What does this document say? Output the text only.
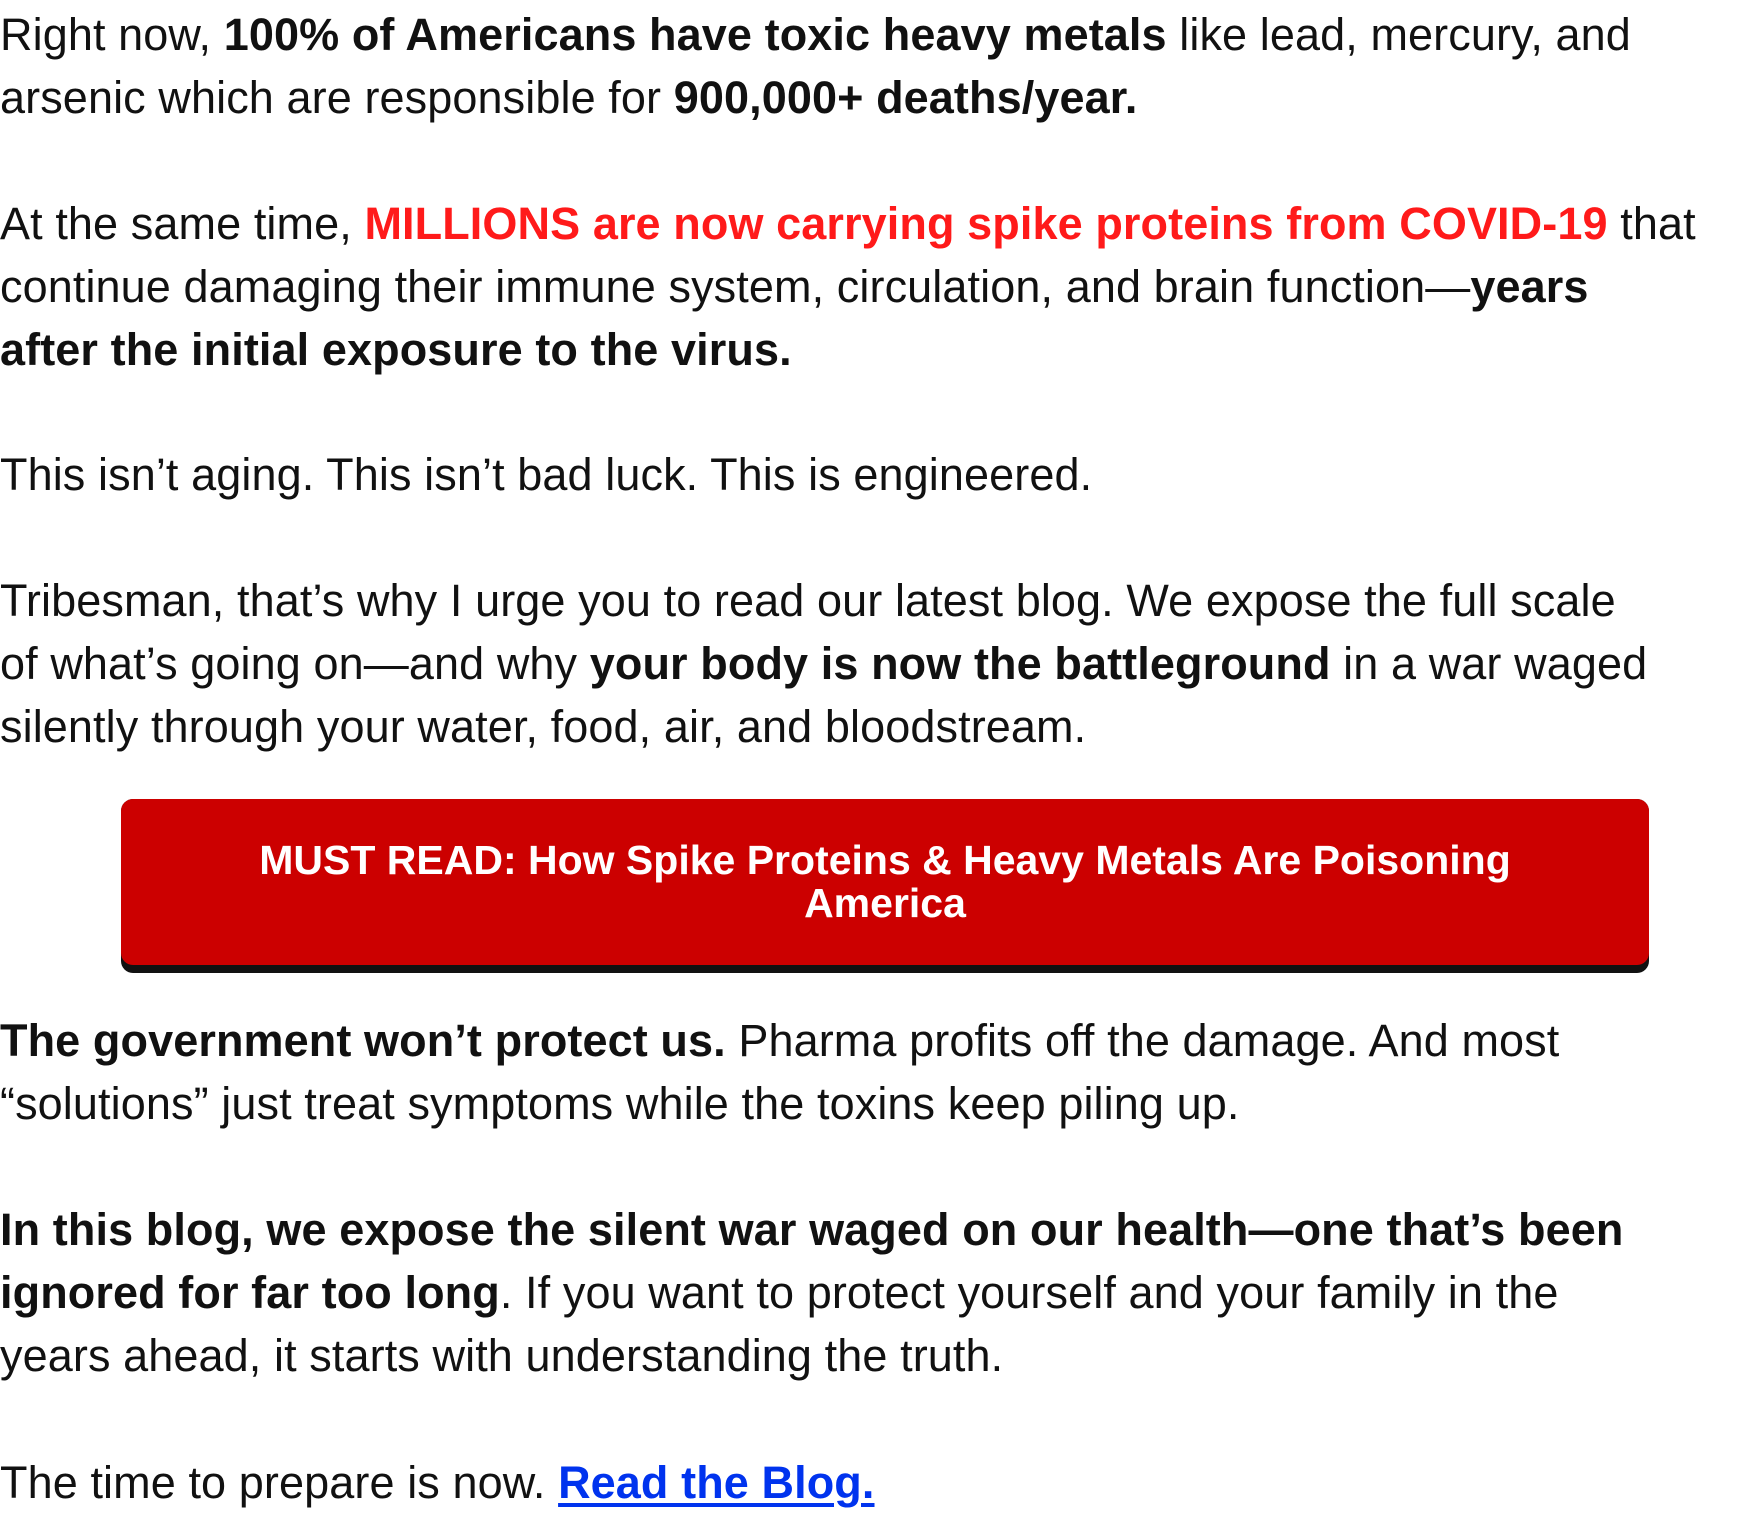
Right now, 100% of Americans have toxic heavy metals like lead, mercury, and
arsenic which are responsible for 900,000+ deaths/year.

At the same time, MILLIONS are now carrying spike proteins from COVID-19 that
continue damaging their immune system, circulation, and brain function—years
after the initial exposure to the virus.

This isn’t aging. This isn’t bad luck. This is engineered.

Tribesman, that’s why I urge you to read our latest blog. We expose the full scale
of what’s going on—and why your body is now the battleground in a war waged
silently through your water, food, air, and bloodstream.

MUST READ: How Spike Proteins & Heavy Metals Are Poisoning
America

The government won’t protect us. Pharma profits off the damage. And most
“solutions” just treat symptoms while the toxins keep piling up.

In this blog, we expose the silent war waged on our health—one that’s been
ignored for far too long. If you want to protect yourself and your family in the
years ahead, it starts with understanding the truth.

The time to prepare is now. Read the Blog.
